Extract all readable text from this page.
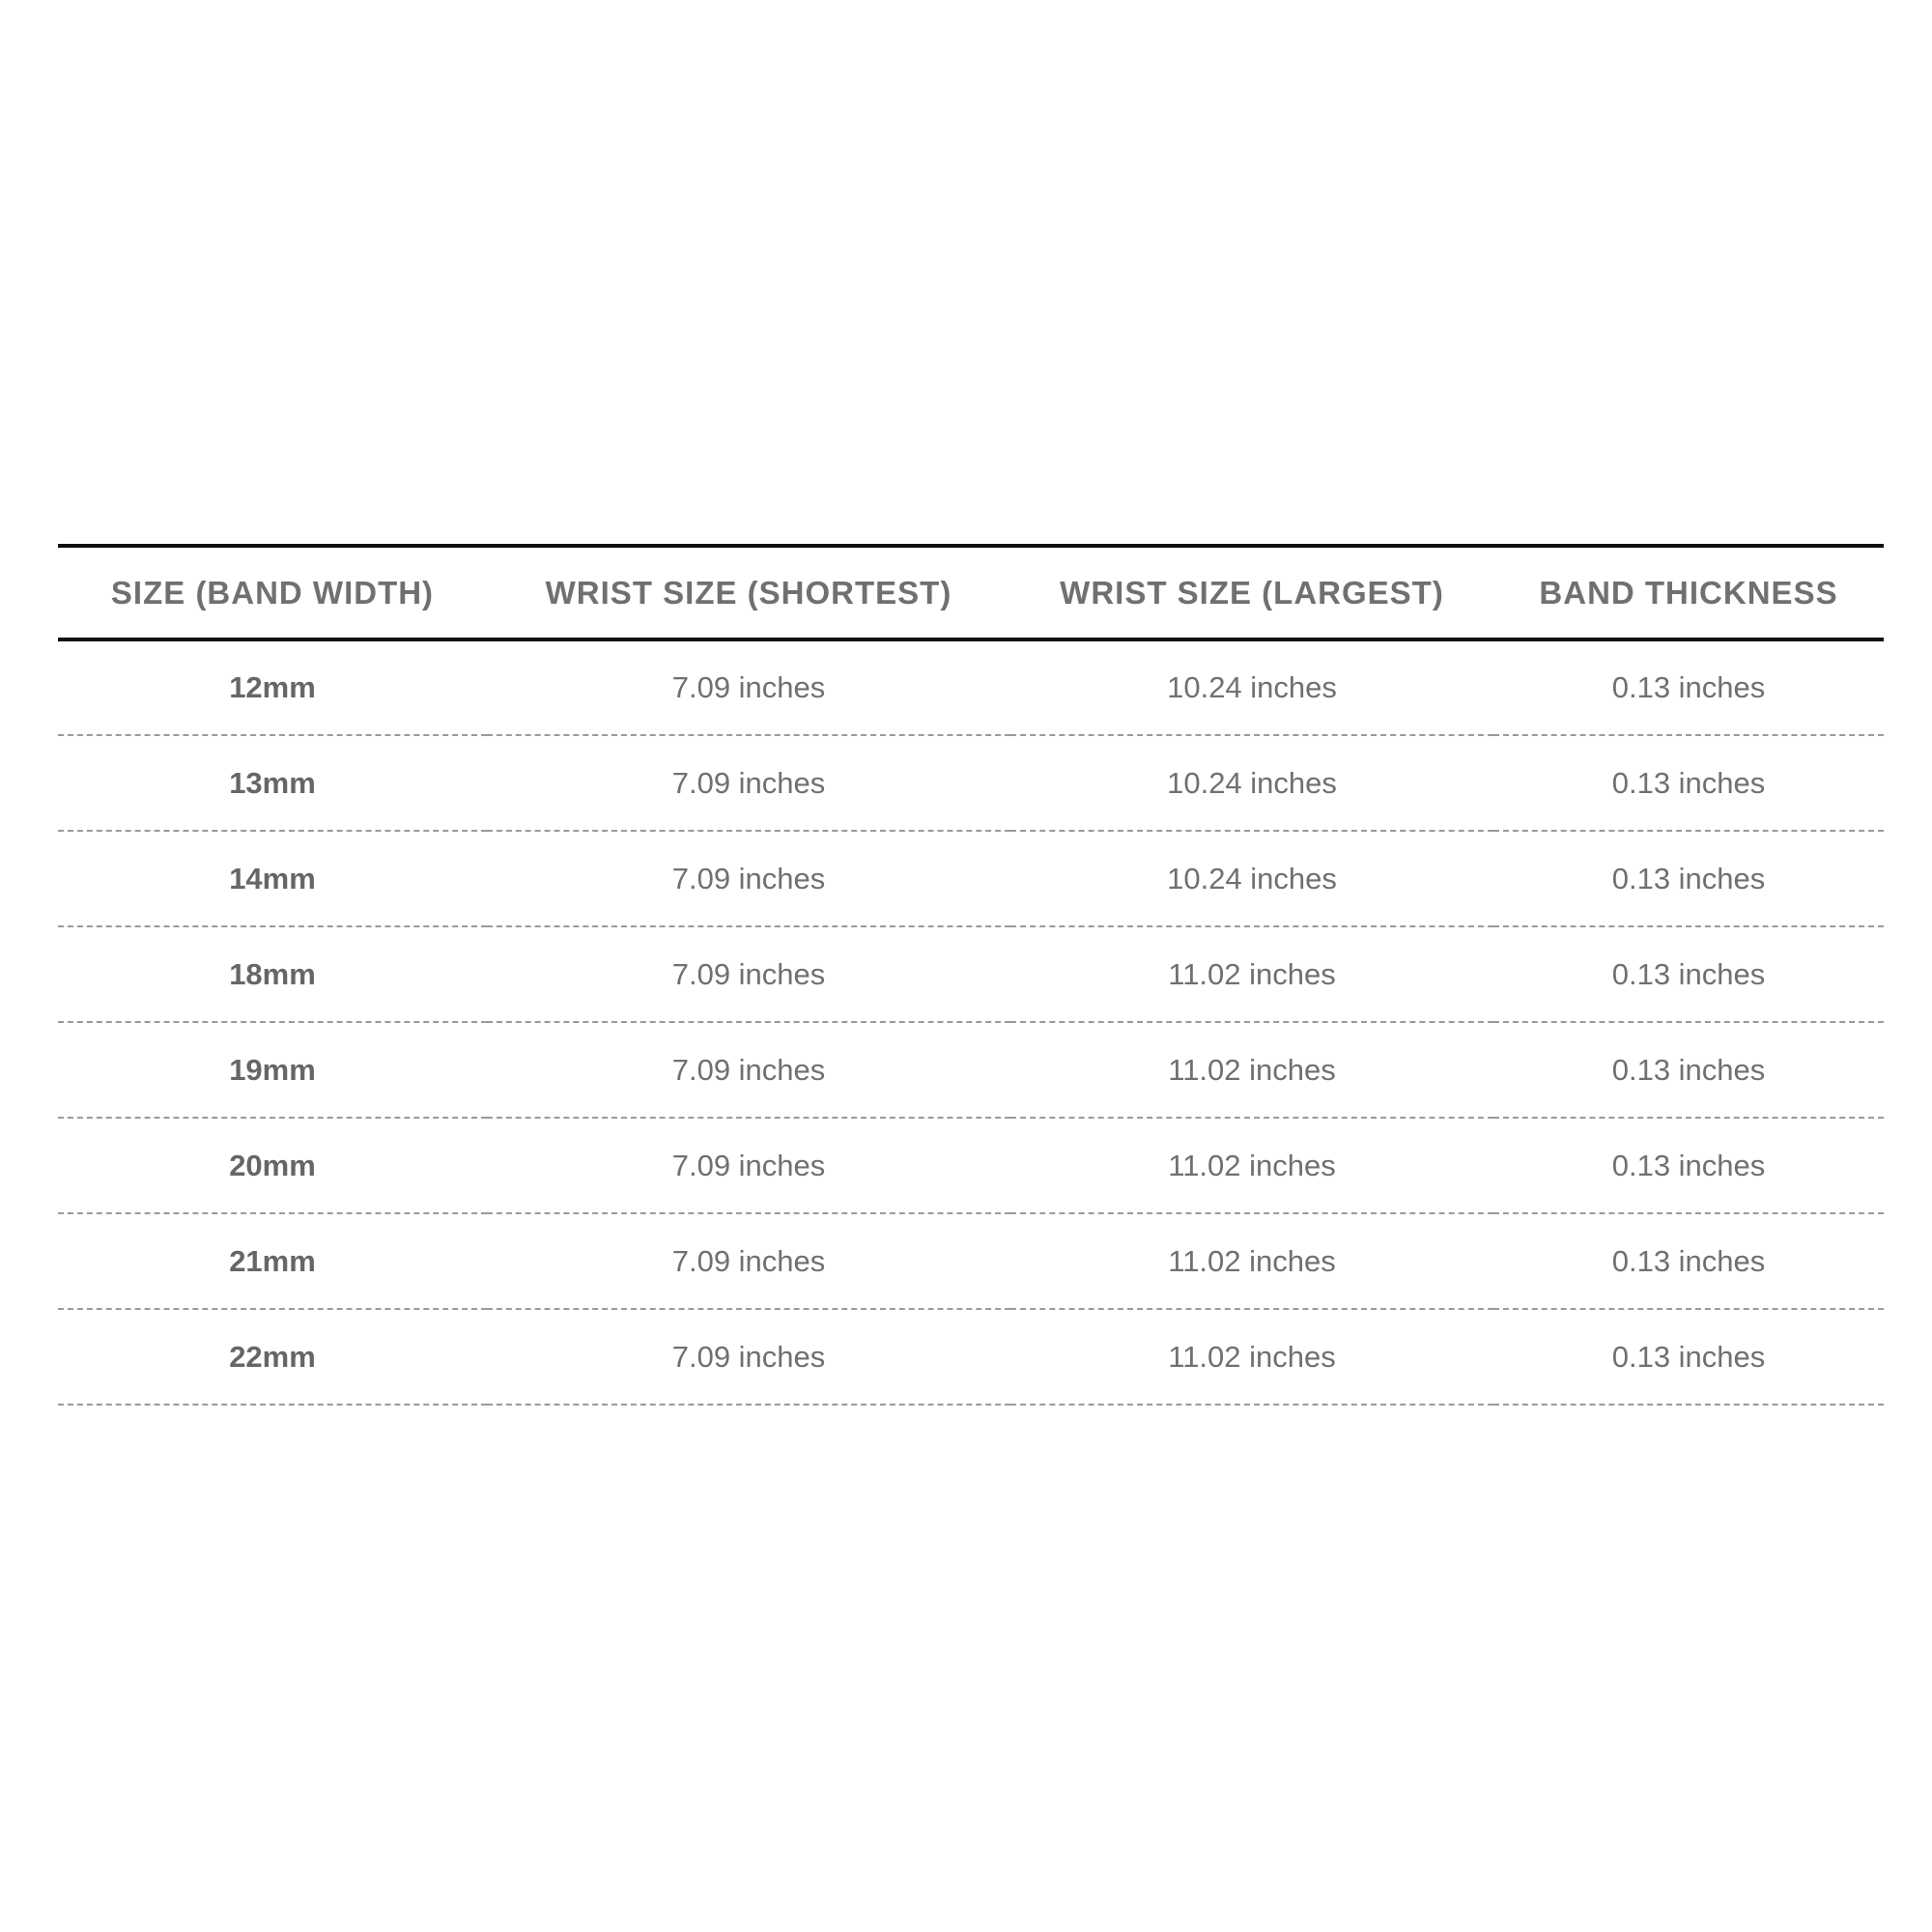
SIZE (BAND WIDTH)	WRIST SIZE (SHORTEST)	WRIST SIZE (LARGEST)	BAND THICKNESS
12mm	7.09 inches	10.24 inches	0.13 inches
13mm	7.09 inches	10.24 inches	0.13 inches
14mm	7.09 inches	10.24 inches	0.13 inches
18mm	7.09 inches	11.02 inches	0.13 inches
19mm	7.09 inches	11.02 inches	0.13 inches
20mm	7.09 inches	11.02 inches	0.13 inches
21mm	7.09 inches	11.02 inches	0.13 inches
22mm	7.09 inches	11.02 inches	0.13 inches
